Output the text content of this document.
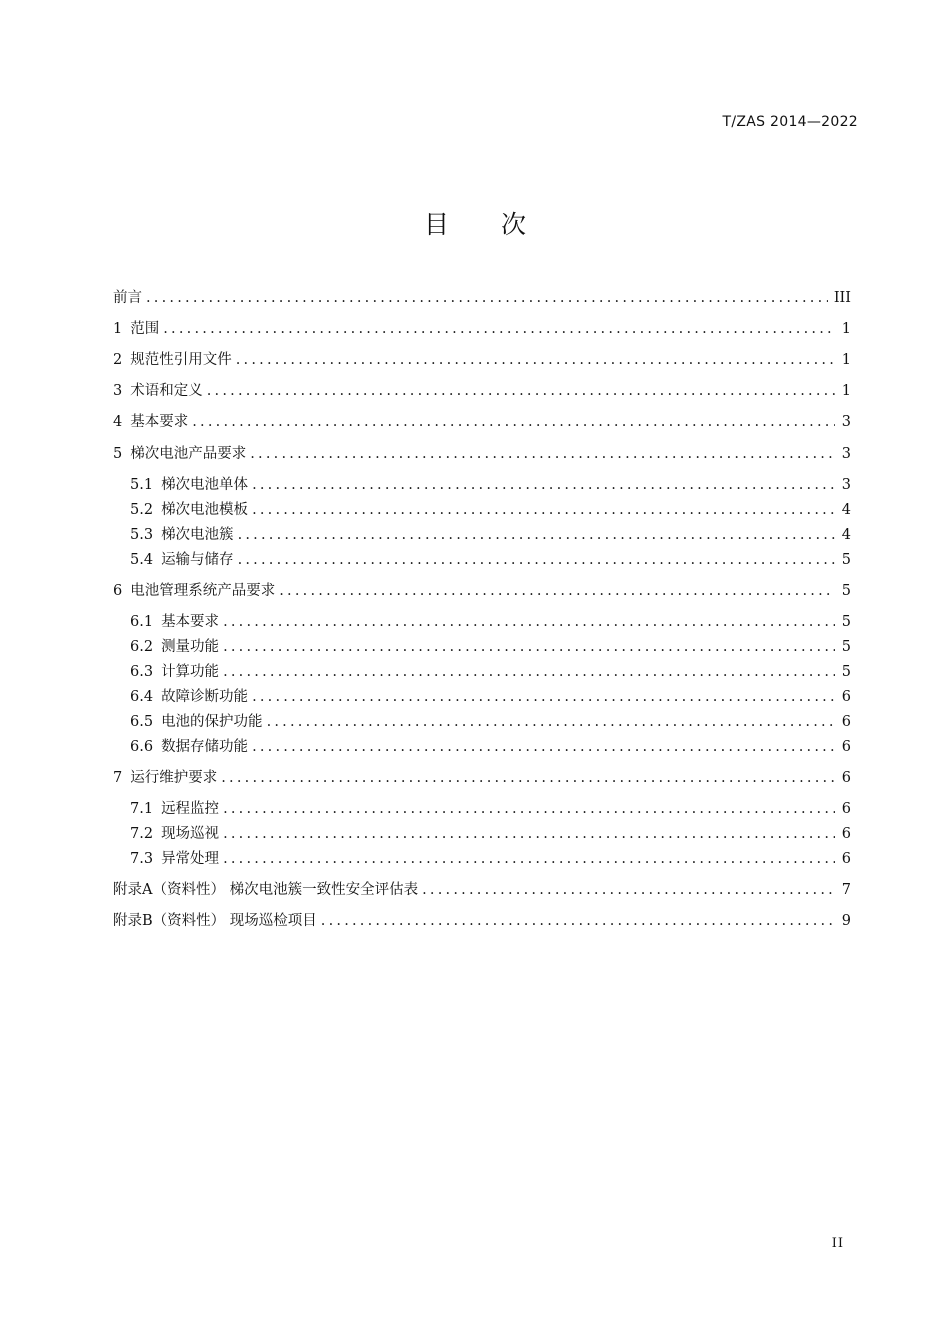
T/ZAS 2014—2022
目 次
前言 .....	III
1 范围 .....	1
2 规范性引用文件 .....	1
3 术语和定义 .....	1
4 基本要求 .....	3
5 梯次电池产品要求 .....	3
5.1 梯次电池单体 .....	3
5.2 梯次电池模板 .....	4
5.3 梯次电池簇 .....	4
5.4 运输与储存 .....	5
6 电池管理系统产品要求 .....	5
6.1 基本要求 .....	5
6.2 测量功能 .....	5
6.3 计算功能 .....	5
6.4 故障诊断功能 .....	6
6.5 电池的保护功能 .....	6
6.6 数据存储功能 .....	6
7 运行维护要求 .....	6
7.1 远程监控 .....	6
7.2 现场巡视 .....	6
7.3 异常处理 .....	6
附录A（资料性） 梯次电池簇一致性安全评估表 .....	7
附录B（资料性） 现场巡检项目 .....	9
II
